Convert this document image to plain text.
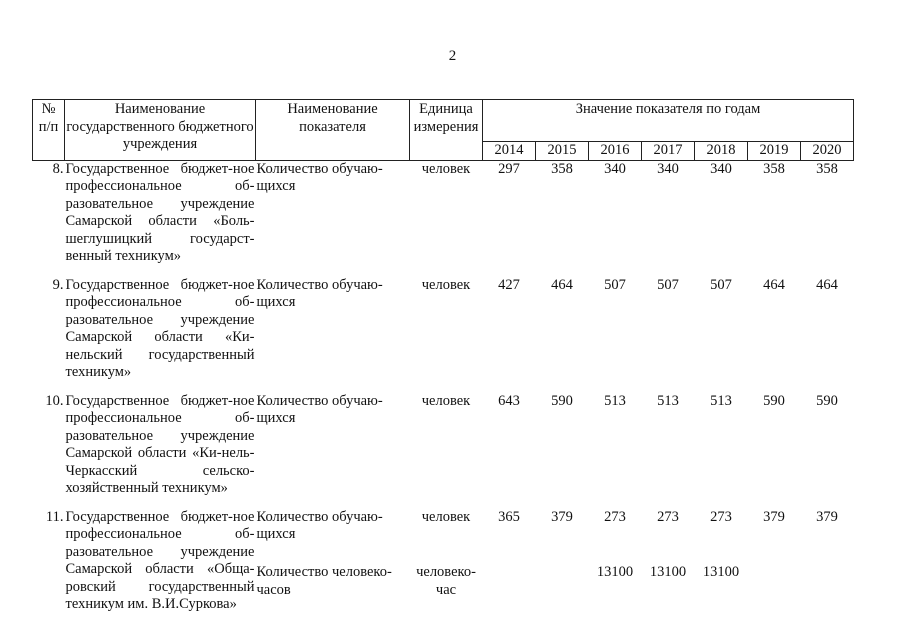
2
№ п/п	Наименование государственного бюджетного учреждения	Наименование показателя	Единица измерения	Значение показателя по годам						
				2014	2015	2016	2017	2018	2019	2020
8.	Государственное бюджет-ное профессиональное об-разовательное учреждение Самарской области «Боль-шеглушицкий государст-венный техникум»	Количество обучаю-щихся	человек	297	358	340	340	340	358	358

9.	Государственное бюджет-ное профессиональное об-разовательное учреждение Самарской области «Ки-нельский государственный техникум»	Количество обучаю-щихся	человек	427	464	507	507	507	464	464

10.	Государственное бюджет-ное профессиональное об-разовательное учреждение Самарской области «Ки-нель-Черкасский сельско-хозяйственный техникум»	Количество обучаю-щихся	человек	643	590	513	513	513	590	590

11.	Государственное бюджет-ное профессиональное об-разовательное учреждение Самарской области «Общa-ровский государственный техникум им. В.И.Суркова»	Количество обучаю-щихся	человек	365	379	273	273	273	379	379
		Количество человеко-часов	человеко-час			13100	13100	13100		
